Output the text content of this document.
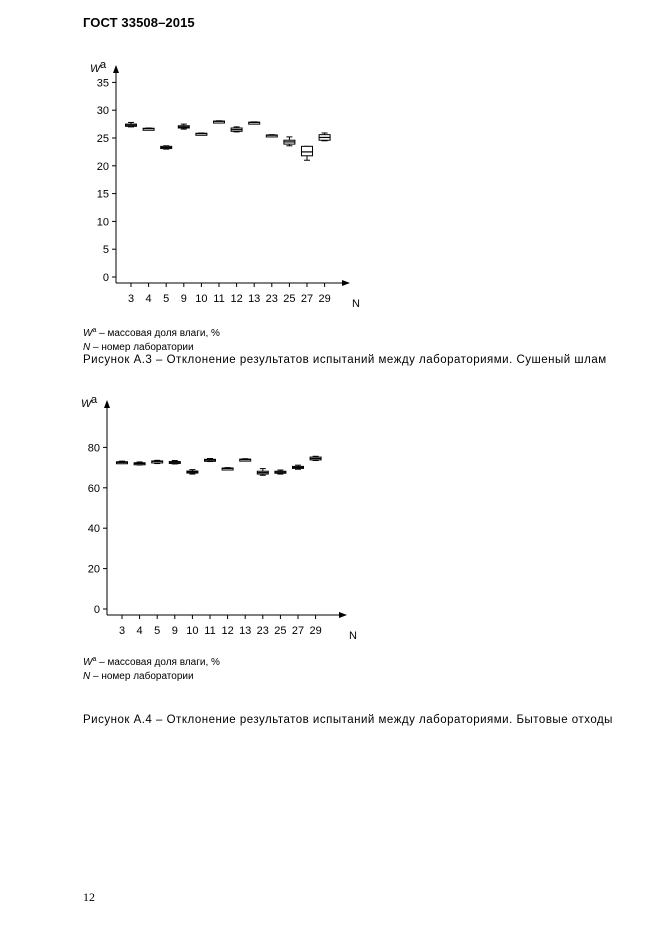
ГОСТ 33508–2015
W a
0
5
10
15
20
25
30
35
3 4 5 9 10 11 12 13 23 25 27 29 N
$W^a$ – массовая доля влаги, %
N – номер лаборатории
Рисунок А.3 – Отклонение результатов испытаний между лабораториями. Сушеный шлам
W a
0
20
40
60
80
3 4 5 9 10 11 12 13 23 25 27 29 N
$W^a$ – массовая доля влаги, %
N – номер лаборатории
Рисунок А.4 – Отклонение результатов испытаний между лабораториями. Бытовые отходы
12
